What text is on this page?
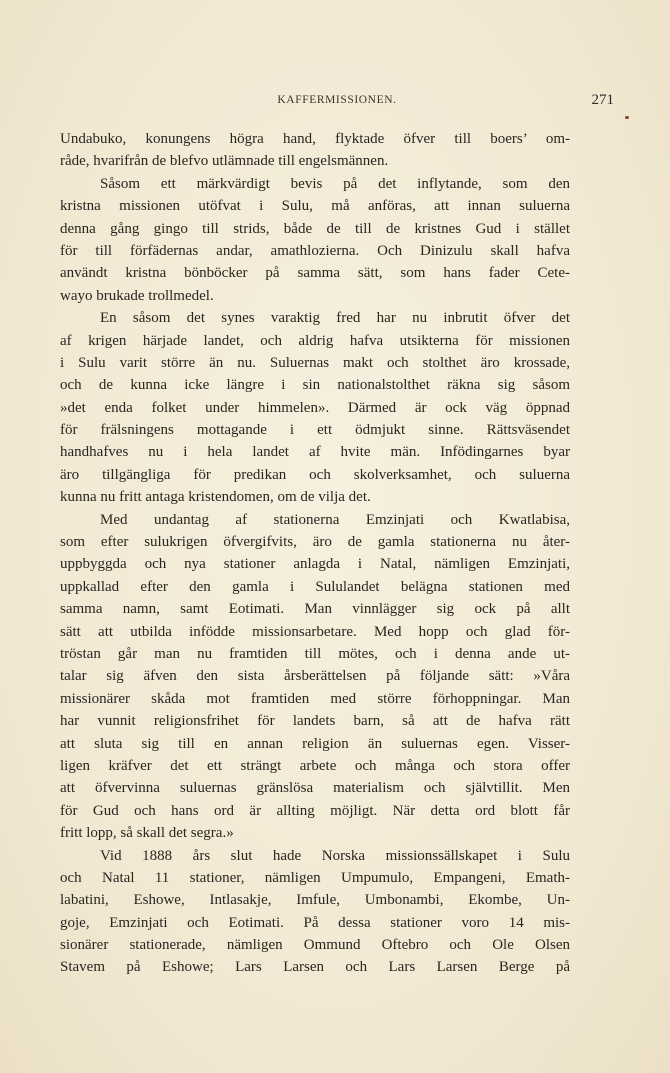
KAFFERMISSIONEN.	271
Undabuko, konungens högra hand, flyktade öfver till boers’ om-
råde, hvarifrån de blefvo utlämnade till engelsmännen.
Såsom ett märkvärdigt bevis på det inflytande, som den
kristna missionen utöfvat i Sulu, må anföras, att innan suluerna
denna gång gingo till strids, både de till de kristnes Gud i stället
för till förfädernas andar, amathlozierna. Och Dinizulu skall hafva
användt kristna bönböcker på samma sätt, som hans fader Cete-
wayo brukade trollmedel.
En såsom det synes varaktig fred har nu inbrutit öfver det
af krigen härjade landet, och aldrig hafva utsikterna för missionen
i Sulu varit större än nu. Suluernas makt och stolthet äro krossade,
och de kunna icke längre i sin nationalstolthet räkna sig såsom
»det enda folket under himmelen». Därmed är ock väg öppnad
för frälsningens mottagande i ett ödmjukt sinne. Rättsväsendet
handhafves nu i hela landet af hvite män. Infödingarnes byar
äro tillgängliga för predikan och skolverksamhet, och suluerna
kunna nu fritt antaga kristendomen, om de vilja det.
Med undantag af stationerna Emzinjati och Kwatlabisa,
som efter sulukrigen öfvergifvits, äro de gamla stationerna nu åter-
uppbyggda och nya stationer anlagda i Natal, nämligen Emzinjati,
uppkallad efter den gamla i Sululandet belägna stationen med
samma namn, samt Eotimati. Man vinnlägger sig ock på allt
sätt att utbilda infödde missionsarbetare. Med hopp och glad för-
tröstan går man nu framtiden till mötes, och i denna ande ut-
talar sig äfven den sista årsberättelsen på följande sätt: »Våra
missionärer skåda mot framtiden med större förhoppningar. Man
har vunnit religionsfrihet för landets barn, så att de hafva rätt
att sluta sig till en annan religion än suluernas egen. Visser-
ligen kräfver det ett strängt arbete och många och stora offer
att öfvervinna suluernas gränslösa materialism och självtillit. Men
för Gud och hans ord är allting möjligt. När detta ord blott får
fritt lopp, så skall det segra.»
Vid 1888 års slut hade Norska missionssällskapet i Sulu
och Natal 11 stationer, nämligen Umpumulo, Empangeni, Emath-
labatini, Eshowe, Intlasakje, Imfule, Umbonambi, Ekombe, Un-
goje, Emzinjati och Eotimati. På dessa stationer voro 14 mis-
sionärer stationerade, nämligen Ommund Oftebro och Ole Olsen
Stavem på Eshowe; Lars Larsen och Lars Larsen Berge på
